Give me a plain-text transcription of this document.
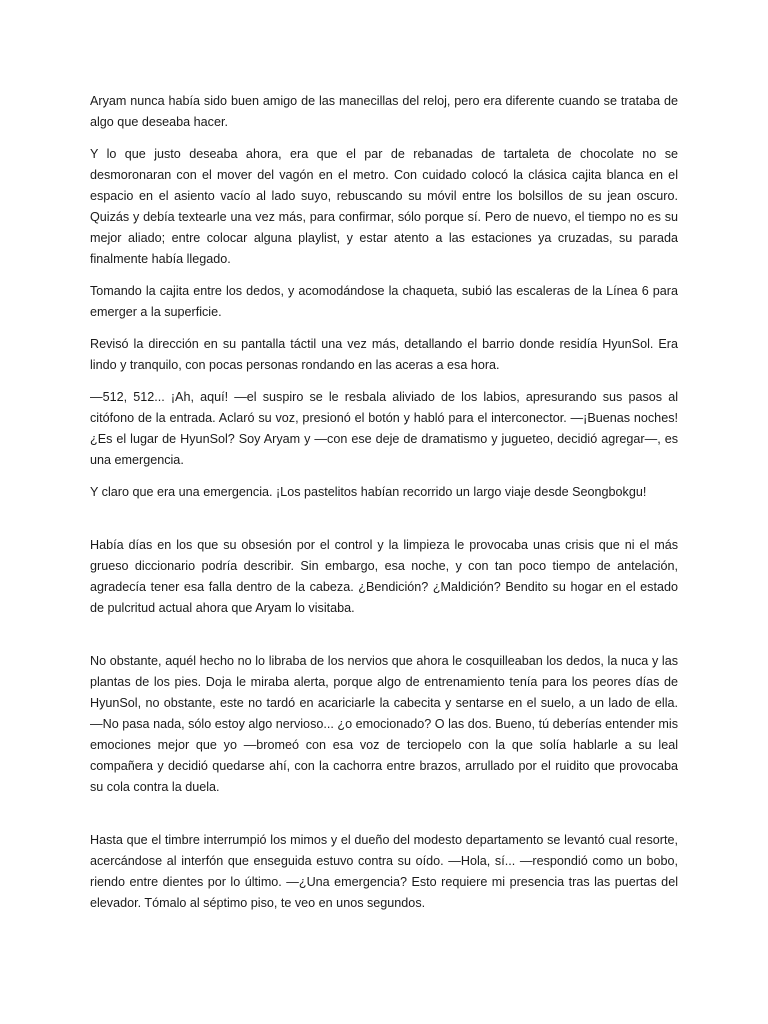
Aryam nunca había sido buen amigo de las manecillas del reloj, pero era diferente cuando se trataba de algo que deseaba hacer.

Y lo que justo deseaba ahora, era que el par de rebanadas de tartaleta de chocolate no se desmoronaran con el mover del vagón en el metro. Con cuidado colocó la clásica cajita blanca en el espacio en el asiento vacío al lado suyo, rebuscando su móvil entre los bolsillos de su jean oscuro. Quizás y debía textearle una vez más, para confirmar, sólo porque sí. Pero de nuevo, el tiempo no es su mejor aliado; entre colocar alguna playlist, y estar atento a las estaciones ya cruzadas, su parada finalmente había llegado.

Tomando la cajita entre los dedos, y acomodándose la chaqueta, subió las escaleras de la Línea 6 para emerger a la superficie.

Revisó la dirección en su pantalla táctil una vez más, detallando el barrio donde residía HyunSol. Era lindo y tranquilo, con pocas personas rondando en las aceras a esa hora.

—512, 512... ¡Ah, aquí! —el suspiro se le resbala aliviado de los labios, apresurando sus pasos al citófono de la entrada. Aclaró su voz, presionó el botón y habló para el interconector. —¡Buenas noches! ¿Es el lugar de HyunSol? Soy Aryam y —con ese deje de dramatismo y jugueteo, decidió agregar—, es una emergencia.

Y claro que era una emergencia. ¡Los pastelitos habían recorrido un largo viaje desde Seongbokgu!

Había días en los que su obsesión por el control y la limpieza le provocaba unas crisis que ni el más grueso diccionario podría describir. Sin embargo, esa noche, y con tan poco tiempo de antelación, agradecía tener esa falla dentro de la cabeza. ¿Bendición? ¿Maldición? Bendito su hogar en el estado de pulcritud actual ahora que Aryam lo visitaba.

No obstante, aquél hecho no lo libraba de los nervios que ahora le cosquilleaban los dedos, la nuca y las plantas de los pies. Doja le miraba alerta, porque algo de entrenamiento tenía para los peores días de HyunSol, no obstante, este no tardó en acariciarle la cabecita y sentarse en el suelo, a un lado de ella. —No pasa nada, sólo estoy algo nervioso... ¿o emocionado? O las dos. Bueno, tú deberías entender mis emociones mejor que yo —bromeó con esa voz de terciopelo con la que solía hablarle a su leal compañera y decidió quedarse ahí, con la cachorra entre brazos, arrullado por el ruidito que provocaba su cola contra la duela.

Hasta que el timbre interrumpió los mimos y el dueño del modesto departamento se levantó cual resorte, acercándose al interfón que enseguida estuvo contra su oído. —Hola, sí... —respondió como un bobo, riendo entre dientes por lo último. —¿Una emergencia? Esto requiere mi presencia tras las puertas del elevador. Tómalo al séptimo piso, te veo en unos segundos.
